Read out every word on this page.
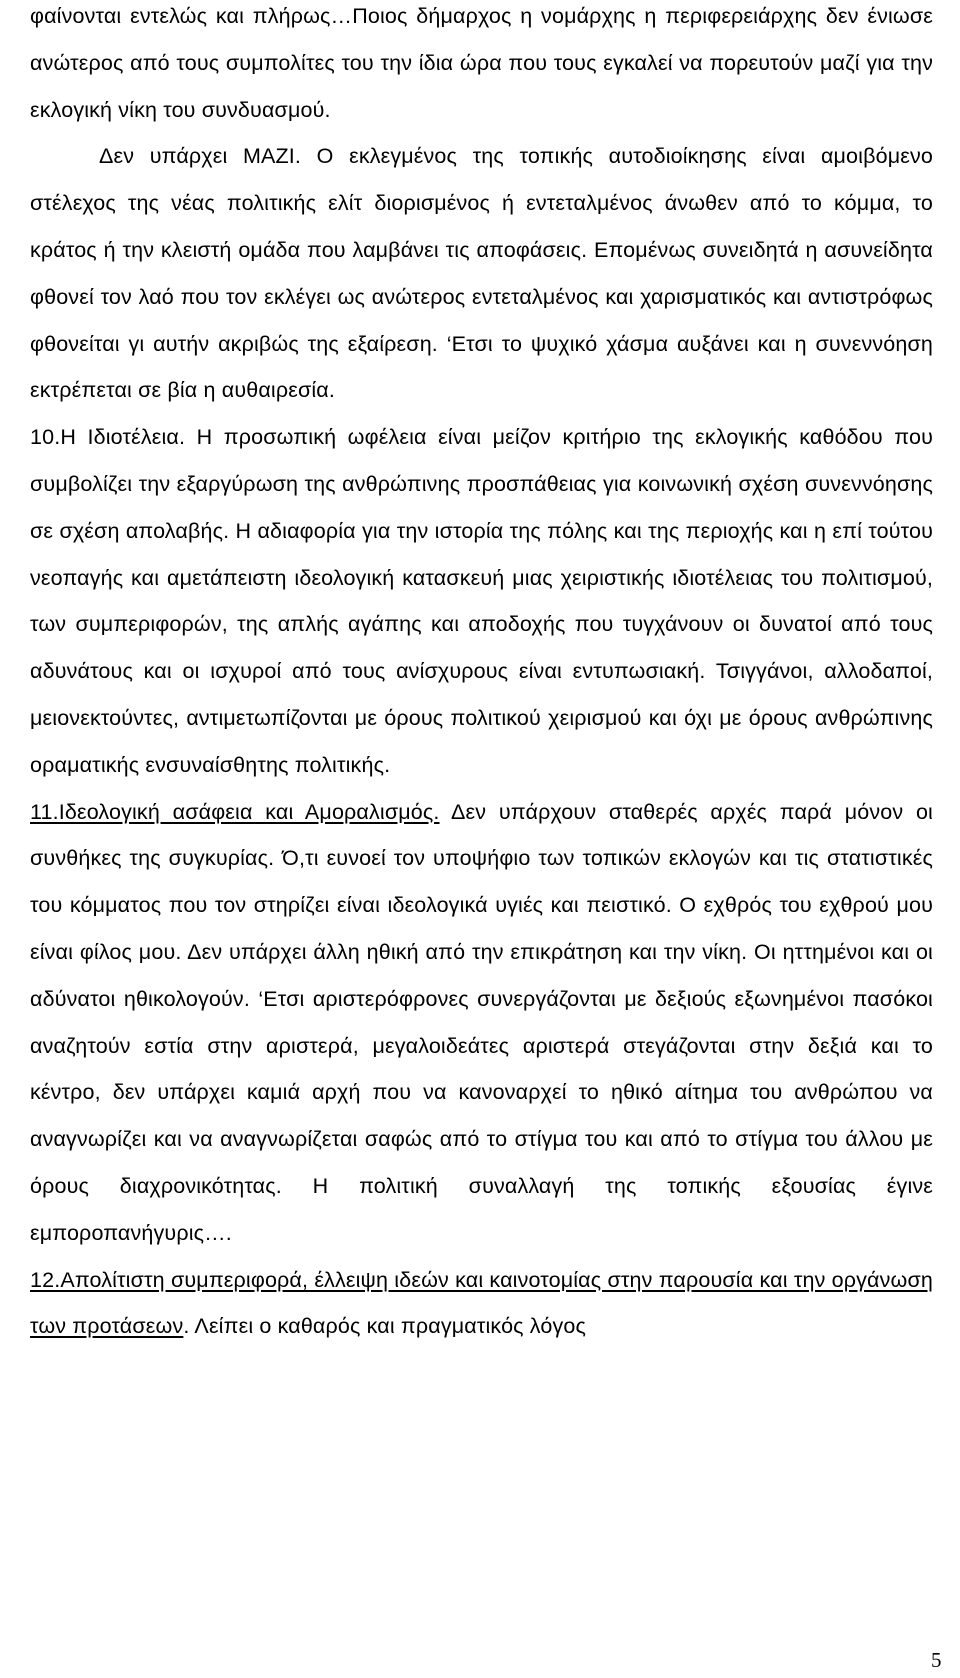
φαίνονται εντελώς και πλήρως…Ποιος δήμαρχος η νομάρχης η περιφερειάρχης δεν ένιωσε ανώτερος από τους συμπολίτες του την ίδια ώρα που τους εγκαλεί να πορευτούν μαζί για την εκλογική νίκη του συνδυασμού.

Δεν υπάρχει ΜΑΖΙ. Ο εκλεγμένος της τοπικής αυτοδιοίκησης είναι αμοιβόμενο στέλεχος της νέας πολιτικής ελίτ διορισμένος ή εντεταλμένος άνωθεν από το κόμμα, το κράτος ή την κλειστή ομάδα που λαμβάνει τις αποφάσεις. Επομένως συνειδητά η ασυνείδητα φθονεί τον λαό που τον εκλέγει ως ανώτερος εντεταλμένος και χαρισματικός και αντιστρόφως φθονείται γι αυτήν ακριβώς της εξαίρεση. ‘Ετσι το ψυχικό χάσμα αυξάνει και η συνεννόηση εκτρέπεται σε βία η αυθαιρεσία.

10.Η Ιδιοτέλεια. Η προσωπική ωφέλεια είναι μείζον κριτήριο της εκλογικής καθόδου που συμβολίζει την εξαργύρωση της ανθρώπινης προσπάθειας για κοινωνική σχέση συνεννόησης σε σχέση απολαβής. Η αδιαφορία για την ιστορία της πόλης και της περιοχής και η επί τούτου νεοπαγής και αμετάπειστη ιδεολογική κατασκευή μιας χειριστικής ιδιοτέλειας του πολιτισμού, των συμπεριφορών, της απλής αγάπης και αποδοχής που τυγχάνουν οι δυνατοί από τους αδυνάτους και οι ισχυροί από τους ανίσχυρους είναι εντυπωσιακή. Τσιγγάνοι, αλλοδαποί, μειονεκτούντες, αντιμετωπίζονται με όρους πολιτικού χειρισμού και όχι με όρους ανθρώπινης οραματικής ενσυναίσθητης πολιτικής.

11.Ιδεολογική ασάφεια και Αμοραλισμός. Δεν υπάρχουν σταθερές αρχές παρά μόνον οι συνθήκες της συγκυρίας. Ό,τι ευνοεί τον υποψήφιο των τοπικών εκλογών και τις στατιστικές του κόμματος που τον στηρίζει είναι ιδεολογικά υγιές και πειστικό. Ο εχθρός του εχθρού μου είναι φίλος μου. Δεν υπάρχει άλλη ηθική από την επικράτηση και την νίκη. Οι ηττημένοι και οι αδύνατοι ηθικολογούν. ‘Ετσι αριστερόφρονες συνεργάζονται με δεξιούς εξωνημένοι πασόκοι αναζητούν εστία στην αριστερά, μεγαλοιδεάτες αριστερά στεγάζονται στην δεξιά και το κέντρο, δεν υπάρχει καμιά αρχή που να κανοναρχεί το ηθικό αίτημα του ανθρώπου να αναγνωρίζει και να αναγνωρίζεται σαφώς από το στίγμα του και από το στίγμα του άλλου με όρους διαχρονικότητας. Η πολιτική συναλλαγή της τοπικής εξουσίας έγινε εμποροπανήγυρις….

12.Απολίτιστη συμπεριφορά, έλλειψη ιδεών και καινοτομίας στην παρουσία και την οργάνωση των προτάσεων. Λείπει ο καθαρός και πραγματικός λόγος

5
